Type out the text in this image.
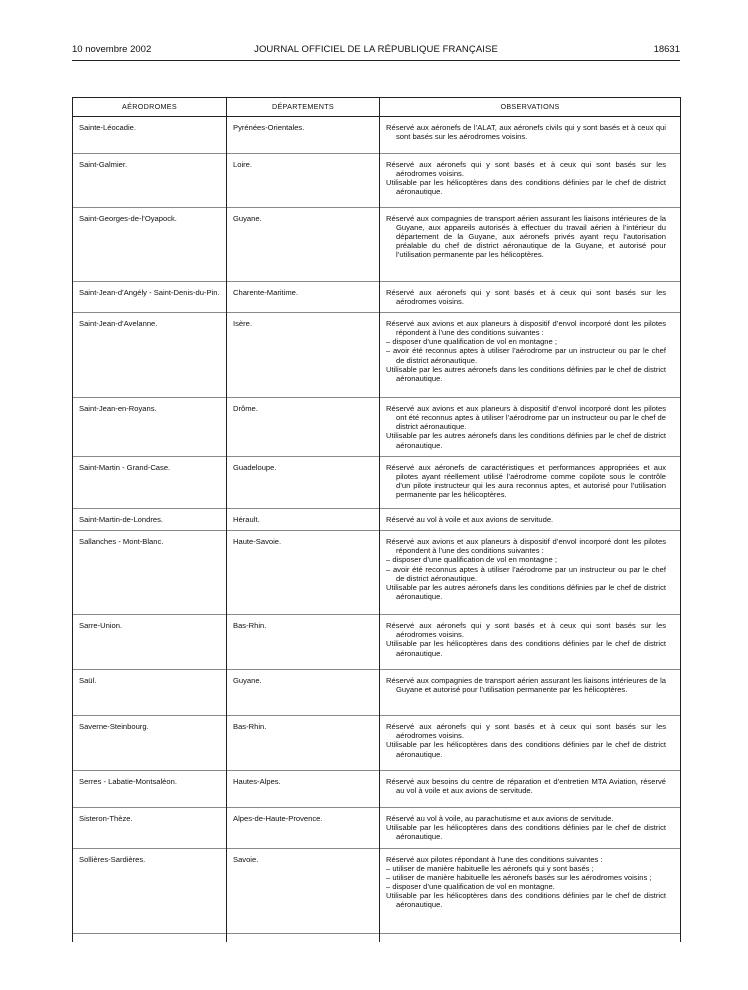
10 novembre 2002	JOURNAL OFFICIEL DE LA RÉPUBLIQUE FRANÇAISE	18631
AÉRODROMES	DÉPARTEMENTS	OBSERVATIONS
Sainte-Léocadie.	Pyrénées-Orientales.	Réservé aux aéronefs de l’ALAT, aux aéronefs civils qui y sont basés et à ceux qui sont basés sur les aérodromes voisins.

Saint-Galmier.	Loire.	Réservé aux aéronefs qui y sont basés et à ceux qui sont basés sur les aérodromes voisins.
Utilisable par les hélicoptères dans des conditions définies par le chef de district aéronautique.

Saint-Georges-de-l’Oyapock.	Guyane.	Réservé aux compagnies de transport aérien assurant les liaisons intérieures de la Guyane, aux appareils autorisés à effectuer du travail aérien à l’intérieur du département de la Guyane, aux aéronefs privés ayant reçu l’autorisation préalable du chef de district aéronautique de la Guyane, et autorisé pour l’utilisation permanente par les hélicoptères.

Saint-Jean-d’Angély - Saint-Denis-du-Pin.	Charente-Maritime.	Réservé aux aéronefs qui y sont basés et à ceux qui sont basés sur les aérodromes voisins.

Saint-Jean-d’Avelanne.	Isère.	Réservé aux avions et aux planeurs à dispositif d’envol incorporé dont les pilotes répondent à l’une des conditions suivantes :
– disposer d’une qualification de vol en montagne ;
– avoir été reconnus aptes à utiliser l’aérodrome par un instructeur ou par le chef de district aéronautique.
Utilisable par les autres aéronefs dans les conditions définies par le chef de district aéronautique.

Saint-Jean-en-Royans.	Drôme.	Réservé aux avions et aux planeurs à dispositif d’envol incorporé dont les pilotes ont été reconnus aptes à utiliser l’aérodrome par un instructeur ou par le chef de district aéronautique.
Utilisable par les autres aéronefs dans les conditions définies par le chef de district aéronautique.

Saint-Martin - Grand-Case.	Guadeloupe.	Réservé aux aéronefs de caractéristiques et performances appropriées et aux pilotes ayant réellement utilisé l’aérodrome comme copilote sous le contrôle d’un pilote instructeur qui les aura reconnus aptes, et autorisé pour l’utilisation permanente par les hélicoptères.

Saint-Martin-de-Londres.	Hérault.	Réservé au vol à voile et aux avions de servitude.

Sallanches - Mont-Blanc.	Haute-Savoie.	Réservé aux avions et aux planeurs à dispositif d’envol incorporé dont les pilotes répondent à l’une des conditions suivantes :
– disposer d’une qualification de vol en montagne ;
– avoir été reconnus aptes à utiliser l’aérodrome par un instructeur ou par le chef de district aéronautique.
Utilisable par les autres aéronefs dans les conditions définies par le chef de district aéronautique.

Sarre-Union.	Bas-Rhin.	Réservé aux aéronefs qui y sont basés et à ceux qui sont basés sur les aérodromes voisins.
Utilisable par les hélicoptères dans des conditions définies par le chef de district aéronautique.

Saül.	Guyane.	Réservé aux compagnies de transport aérien assurant les liaisons intérieures de la Guyane et autorisé pour l’utilisation permanente par les hélicoptères.

Saverne-Steinbourg.	Bas-Rhin.	Réservé aux aéronefs qui y sont basés et à ceux qui sont basés sur les aérodromes voisins.
Utilisable par les hélicoptères dans des conditions définies par le chef de district aéronautique.

Serres - Labatie-Montsaléon.	Hautes-Alpes.	Réservé aux besoins du centre de réparation et d’entretien MTA Aviation, réservé au vol à voile et aux avions de servitude.

Sisteron-Thèze.	Alpes-de-Haute-Provence.	Réservé au vol à voile, au parachutisme et aux avions de servitude.
Utilisable par les hélicoptères dans des conditions définies par le chef de district aéronautique.

Sollières-Sardières.	Savoie.	Réservé aux pilotes répondant à l’une des conditions suivantes :
– utiliser de manière habituelle les aéronefs qui y sont basés ;
– utiliser de manière habituelle les aéronefs basés sur les aérodromes voisins ;
– disposer d’une qualification de vol en montagne.
Utilisable par les hélicoptères dans des conditions définies par le chef de district aéronautique.
